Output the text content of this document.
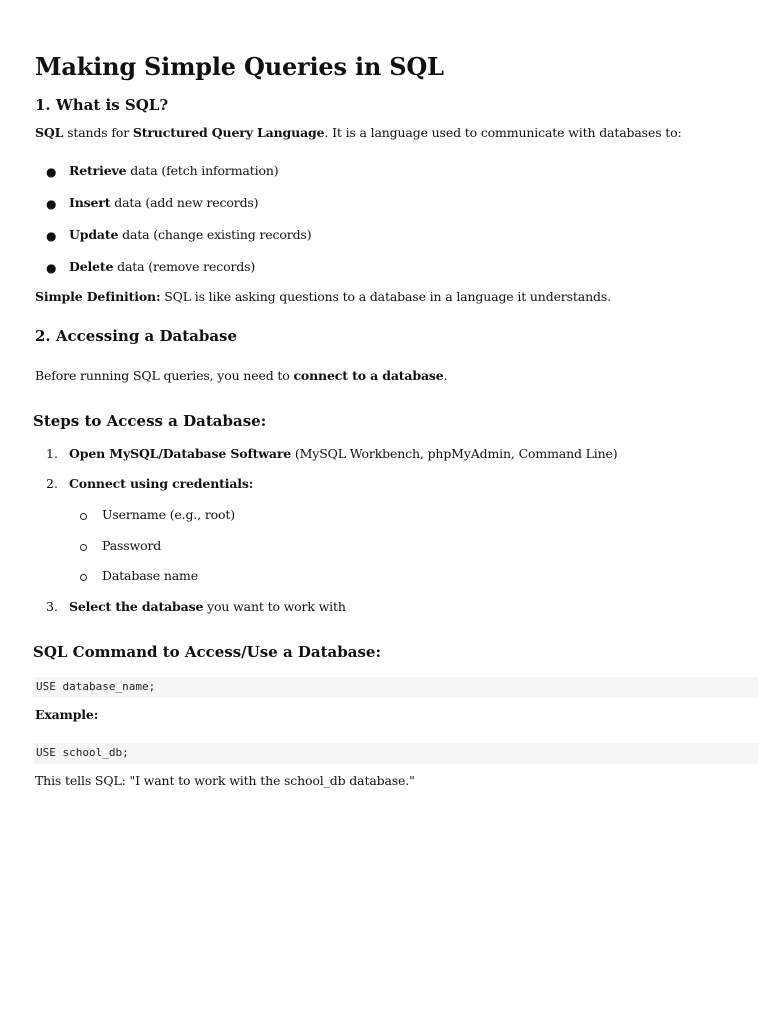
Making Simple Queries in SQL
1. What is SQL?
SQL stands for Structured Query Language. It is a language used to communicate with databases to:
● Retrieve data (fetch information)
● Insert data (add new records)
● Update data (change existing records)
● Delete data (remove records)
Simple Definition: SQL is like asking questions to a database in a language it understands.
2. Accessing a Database
Before running SQL queries, you need to connect to a database.
Steps to Access a Database:
1. Open MySQL/Database Software (MySQL Workbench, phpMyAdmin, Command Line)
2. Connect using credentials:
Username (e.g., root)
Password
Database name
3. Select the database you want to work with
SQL Command to Access/Use a Database:
USE database_name;
Example:
USE school_db;
This tells SQL: "I want to work with the school_db database."
